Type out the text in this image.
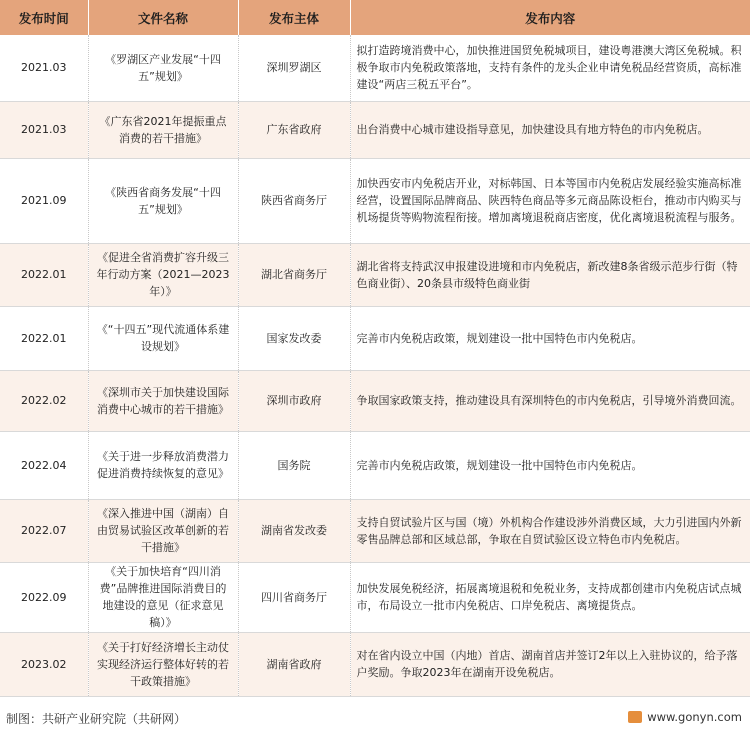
发布时间	文件名称	发布主体	发布内容
2021.03	《罗湖区产业发展“十四五”规划》	深圳罗湖区	拟打造跨境消费中心，加快推进国贸免税城项目，建设粤港澳大湾区免税城。积极争取市内免税政策落地，支持有条件的龙头企业申请免税品经营资质，高标准建设“两店三税五平台”。
2021.03	《广东省2021年提振重点消费的若干措施》	广东省政府	出台消费中心城市建设指导意见，加快建设具有地方特色的市内免税店。
2021.09	《陕西省商务发展“十四五”规划》	陕西省商务厅	加快西安市内免税店开业，对标韩国、日本等国市内免税店发展经验实施高标准经营，设置国际品牌商品、陕西特色商品等多元商品陈设柜台，推动市内购买与机场提货等购物流程衔接。增加离境退税商店密度，优化离境退税流程与服务。
2022.01	《促进全省消费扩容升级三年行动方案（2021—2023年）》	湖北省商务厅	湖北省将支持武汉申报建设进境和市内免税店，新改建8条省级示范步行街（特色商业街）、20条县市级特色商业街
2022.01	《“十四五”现代流通体系建设规划》	国家发改委	完善市内免税店政策，规划建设一批中国特色市内免税店。
2022.02	《深圳市关于加快建设国际消费中心城市的若干措施》	深圳市政府	争取国家政策支持，推动建设具有深圳特色的市内免税店，引导境外消费回流。
2022.04	《关于进一步释放消费潜力促进消费持续恢复的意见》	国务院	完善市内免税店政策，规划建设一批中国特色市内免税店。
2022.07	《深入推进中国（湖南）自由贸易试验区改革创新的若干措施》	湖南省发改委	支持自贸试验片区与国（境）外机构合作建设涉外消费区域，大力引进国内外新零售品牌总部和区域总部，争取在自贸试验区设立特色市内免税店。
2022.09	《关于加快培育“四川消费”品牌推进国际消费目的地建设的意见（征求意见稿）》	四川省商务厅	加快发展免税经济，拓展离境退税和免税业务，支持成都创建市内免税店试点城市，布局设立一批市内免税店、口岸免税店、离境提货点。
2023.02	《关于打好经济增长主动仗实现经济运行整体好转的若干政策措施》	湖南省政府	对在省内设立中国（内地）首店、湖南首店并签订2年以上入驻协议的，给予落户奖励。争取2023年在湖南开设免税店。
制图：共研产业研究院（共研网）	www.gonyn.com
